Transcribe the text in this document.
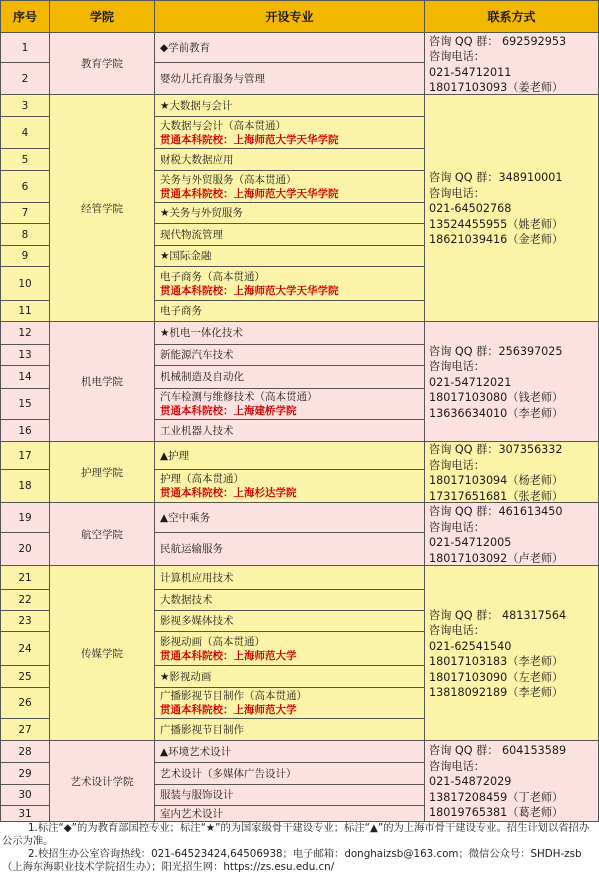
序号	学院	开设专业	联系方式
1	◆学前教育
2	婴幼儿托育服务与管理
教育学院
咨询 QQ 群： 692592953
咨询电话：
021-54712011
18017103093（姜老师）
3	★大数据与会计
4
大数据与会计（高本贯通）
贯通本科院校：上海师范大学天华学院
5	财税大数据应用
6
关务与外贸服务（高本贯通）
贯通本科院校：上海师范大学天华学院
7	★关务与外贸服务
8	现代物流管理
9	★国际金融
10
电子商务（高本贯通）
贯通本科院校：上海师范大学天华学院
11	电子商务
经管学院
咨询 QQ 群：348910001
咨询电话：
021-64502768
13524455955（姚老师）
18621039416（金老师）
12	★机电一体化技术
13	新能源汽车技术
14	机械制造及自动化
15
汽车检测与维修技术（高本贯通）
贯通本科院校：上海建桥学院
16	工业机器人技术
机电学院
咨询 QQ 群：256397025
咨询电话：
021-54712021
18017103080（钱老师）
13636634010（李老师）
17	▲护理
18
护理（高本贯通）
贯通本科院校：上海杉达学院
护理学院
咨询 QQ 群：307356332
咨询电话：
18017103094（杨老师）
17317651681（张老师）
19	▲空中乘务
20	民航运输服务
航空学院
咨询 QQ 群：461613450
咨询电话：
021-54712005
18017103092（卢老师）
21	计算机应用技术
22	大数据技术
23	影视多媒体技术
24
影视动画（高本贯通）
贯通本科院校：上海师范大学
25	★影视动画
26
广播影视节目制作（高本贯通）
贯通本科院校：上海师范大学
27	广播影视节目制作
传媒学院
咨询 QQ 群： 481317564
咨询电话：
021-62541540
18017103183（李老师）
18017103090（左老师）
13818092189（李老师）
28	▲环境艺术设计
29	艺术设计（多媒体广告设计）
30	服装与服饰设计
31	室内艺术设计
艺术设计学院
咨询 QQ 群： 604153589
咨询电话：
021-54872029
13817208459（丁老师）
18019765381（葛老师）
1.标注“◆”的为教育部国控专业；标注“★”的为国家级骨干建设专业；标注“▲”的为上海市骨干建设专业。招生计划以省招办公示为准。
2.校招生办公室咨询热线：021-64523424,64506938；电子邮箱：donghaizsb@163.com；微信公众号：SHDH-zsb（上海东海职业技术学院招生办）；阳光招生网：https://zs.esu.edu.cn/
